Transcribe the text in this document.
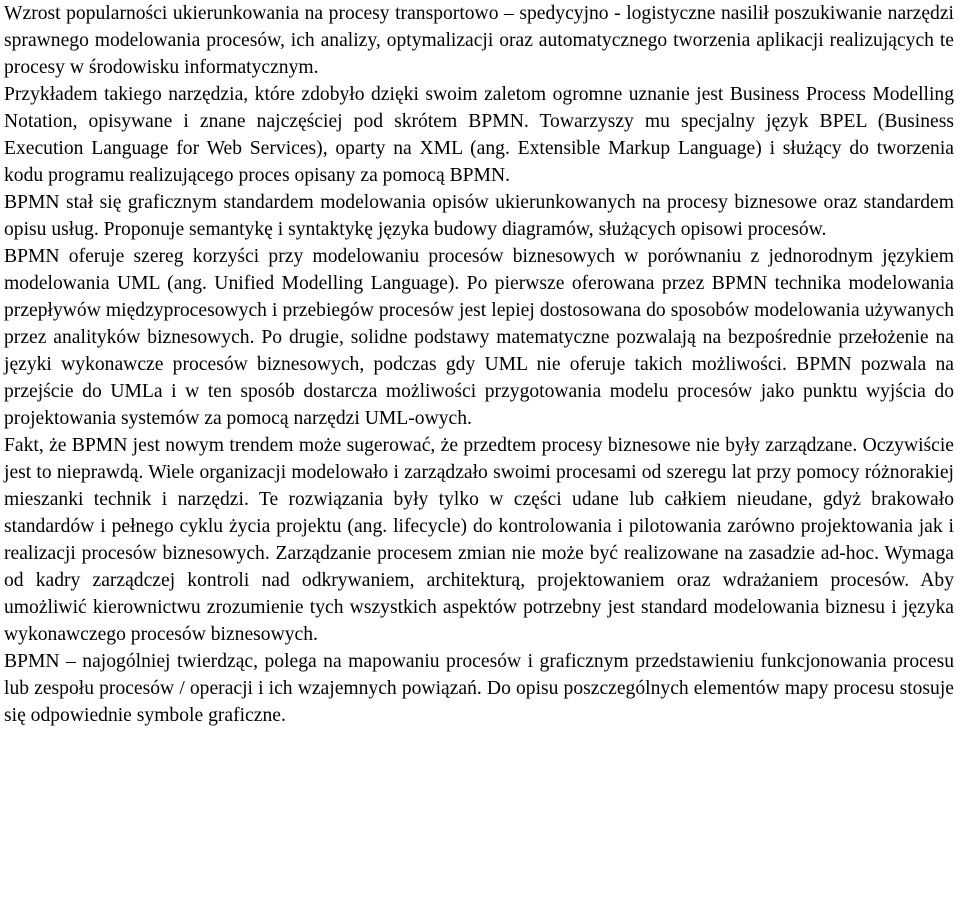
Wzrost popularności ukierunkowania na procesy transportowo – spedycyjno - logistyczne nasilił poszukiwanie narzędzi sprawnego modelowania procesów, ich analizy, optymalizacji oraz automatycznego tworzenia aplikacji realizujących te procesy w środowisku informatycznym.

Przykładem takiego narzędzia, które zdobyło dzięki swoim zaletom ogromne uznanie jest Business Process Modelling Notation, opisywane i znane najczęściej pod skrótem BPMN. Towarzyszy mu specjalny język BPEL (Business Execution Language for Web Services), oparty na XML (ang. Extensible Markup Language) i służący do tworzenia kodu programu realizującego proces opisany za pomocą BPMN.

BPMN stał się graficznym standardem modelowania opisów ukierunkowanych na procesy biznesowe oraz standardem opisu usług. Proponuje semantykę i syntaktykę języka budowy diagramów, służących opisowi procesów.

BPMN oferuje szereg korzyści przy modelowaniu procesów biznesowych w porównaniu z jednorodnym językiem modelowania UML (ang. Unified Modelling Language). Po pierwsze oferowana przez BPMN technika modelowania przepływów międzyprocesowych i przebiegów procesów jest lepiej dostosowana do sposobów modelowania używanych przez analityków biznesowych. Po drugie, solidne podstawy matematyczne pozwalają na bezpośrednie przełożenie na języki wykonawcze procesów biznesowych, podczas gdy UML nie oferuje takich możliwości. BPMN pozwala na przejście do UMLa i w ten sposób dostarcza możliwości przygotowania modelu procesów jako punktu wyjścia do projektowania systemów za pomocą narzędzi UML-owych.

Fakt, że BPMN jest nowym trendem może sugerować, że przedtem procesy biznesowe nie były zarządzane. Oczywiście jest to nieprawdą. Wiele organizacji modelowało i zarządzało swoimi procesami od szeregu lat przy pomocy różnorakiej mieszanki technik i narzędzi. Te rozwiązania były tylko w części udane lub całkiem nieudane, gdyż brakowało standardów i pełnego cyklu życia projektu (ang. lifecycle) do kontrolowania i pilotowania zarówno projektowania jak i realizacji procesów biznesowych. Zarządzanie procesem zmian nie może być realizowane na zasadzie ad-hoc. Wymaga od kadry zarządczej kontroli nad odkrywaniem, architekturą, projektowaniem oraz wdrażaniem procesów. Aby umożliwić kierownictwu zrozumienie tych wszystkich aspektów potrzebny jest standard modelowania biznesu i języka wykonawczego procesów biznesowych.

BPMN – najogólniej twierdząc, polega na mapowaniu procesów i graficznym przedstawieniu funkcjonowania procesu lub zespołu procesów / operacji i ich wzajemnych powiązań. Do opisu poszczególnych elementów mapy procesu stosuje się odpowiednie symbole graficzne.
